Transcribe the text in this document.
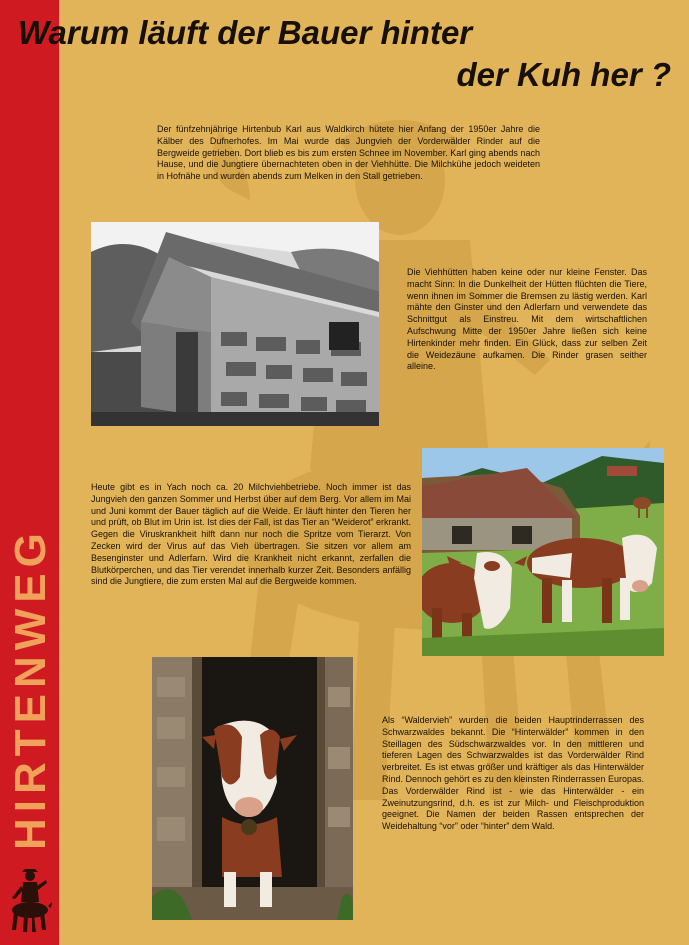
HIRTENWEG
Warum läuft der Bauer hinter
der Kuh her ?
Der fünfzehnjährige Hirtenbub Karl aus Waldkirch hütete hier Anfang der 1950er Jahre die Kälber des Dufnerhofes. Im Mai wurde das Jungvieh der Vorderwälder Rinder auf die Bergweide getrieben. Dort blieb es bis zum ersten Schnee im November. Karl ging abends nach Hause, und die Jungtiere übernachteten oben in der Viehhütte. Die Milchkühe jedoch weideten in Hofnähe und wurden abends zum Melken in den Stall getrieben.
Die Viehhütten haben keine oder nur kleine Fenster. Das macht Sinn: In die Dunkelheit der Hütten flüchten die Tiere, wenn ihnen im Sommer die Bremsen zu lästig werden. Karl mähte den Ginster und den Adlerfarn und verwendete das Schnittgut als Einstreu. Mit dem wirtschaftlichen Aufschwung Mitte der 1950er Jahre ließen sich keine Hirtenkinder mehr finden. Ein Glück, dass zur selben Zeit die Weidezäune aufkamen. Die Rinder grasen seither alleine.
Heute gibt es in Yach noch ca. 20 Milchviehbetriebe. Noch immer ist das Jungvieh den ganzen Sommer und Herbst über auf dem Berg. Vor allem im Mai und Juni kommt der Bauer täglich auf die Weide. Er läuft hinter den Tieren her und prüft, ob Blut im Urin ist. Ist dies der Fall, ist das Tier an “Weiderot” erkrankt. Gegen die Viruskrankheit hilft dann nur noch die Spritze vom Tierarzt. Von Zecken wird der Virus auf das Vieh übertragen. Sie sitzen vor allem am Besenginster und Adlerfarn. Wird die Krankheit nicht erkannt, zerfallen die Blutkörperchen, und das Tier verendet innerhalb kurzer Zeit. Besonders anfällig sind die Jungtiere, die zum ersten Mal auf die Bergweide kommen.
Als “Waldervieh” wurden die beiden Hauptrinderrassen des Schwarzwaldes bekannt. Die “Hinterwälder” kommen in den Steillagen des Südschwarzwaldes vor. In den mittleren und tieferen Lagen des Schwarzwaldes ist das Vorderwälder Rind verbreitet. Es ist etwas größer und kräftiger als das Hinterwälder Rind. Dennoch gehört es zu den kleinsten Rinderrassen Europas. Das Vorderwälder Rind ist - wie das Hinterwälder - ein Zweinutzungsrind, d.h. es ist zur Milch- und Fleischproduktion geeignet. Die Namen der beiden Rassen entsprechen der Weidehaltung “vor” oder “hinter” dem Wald.
